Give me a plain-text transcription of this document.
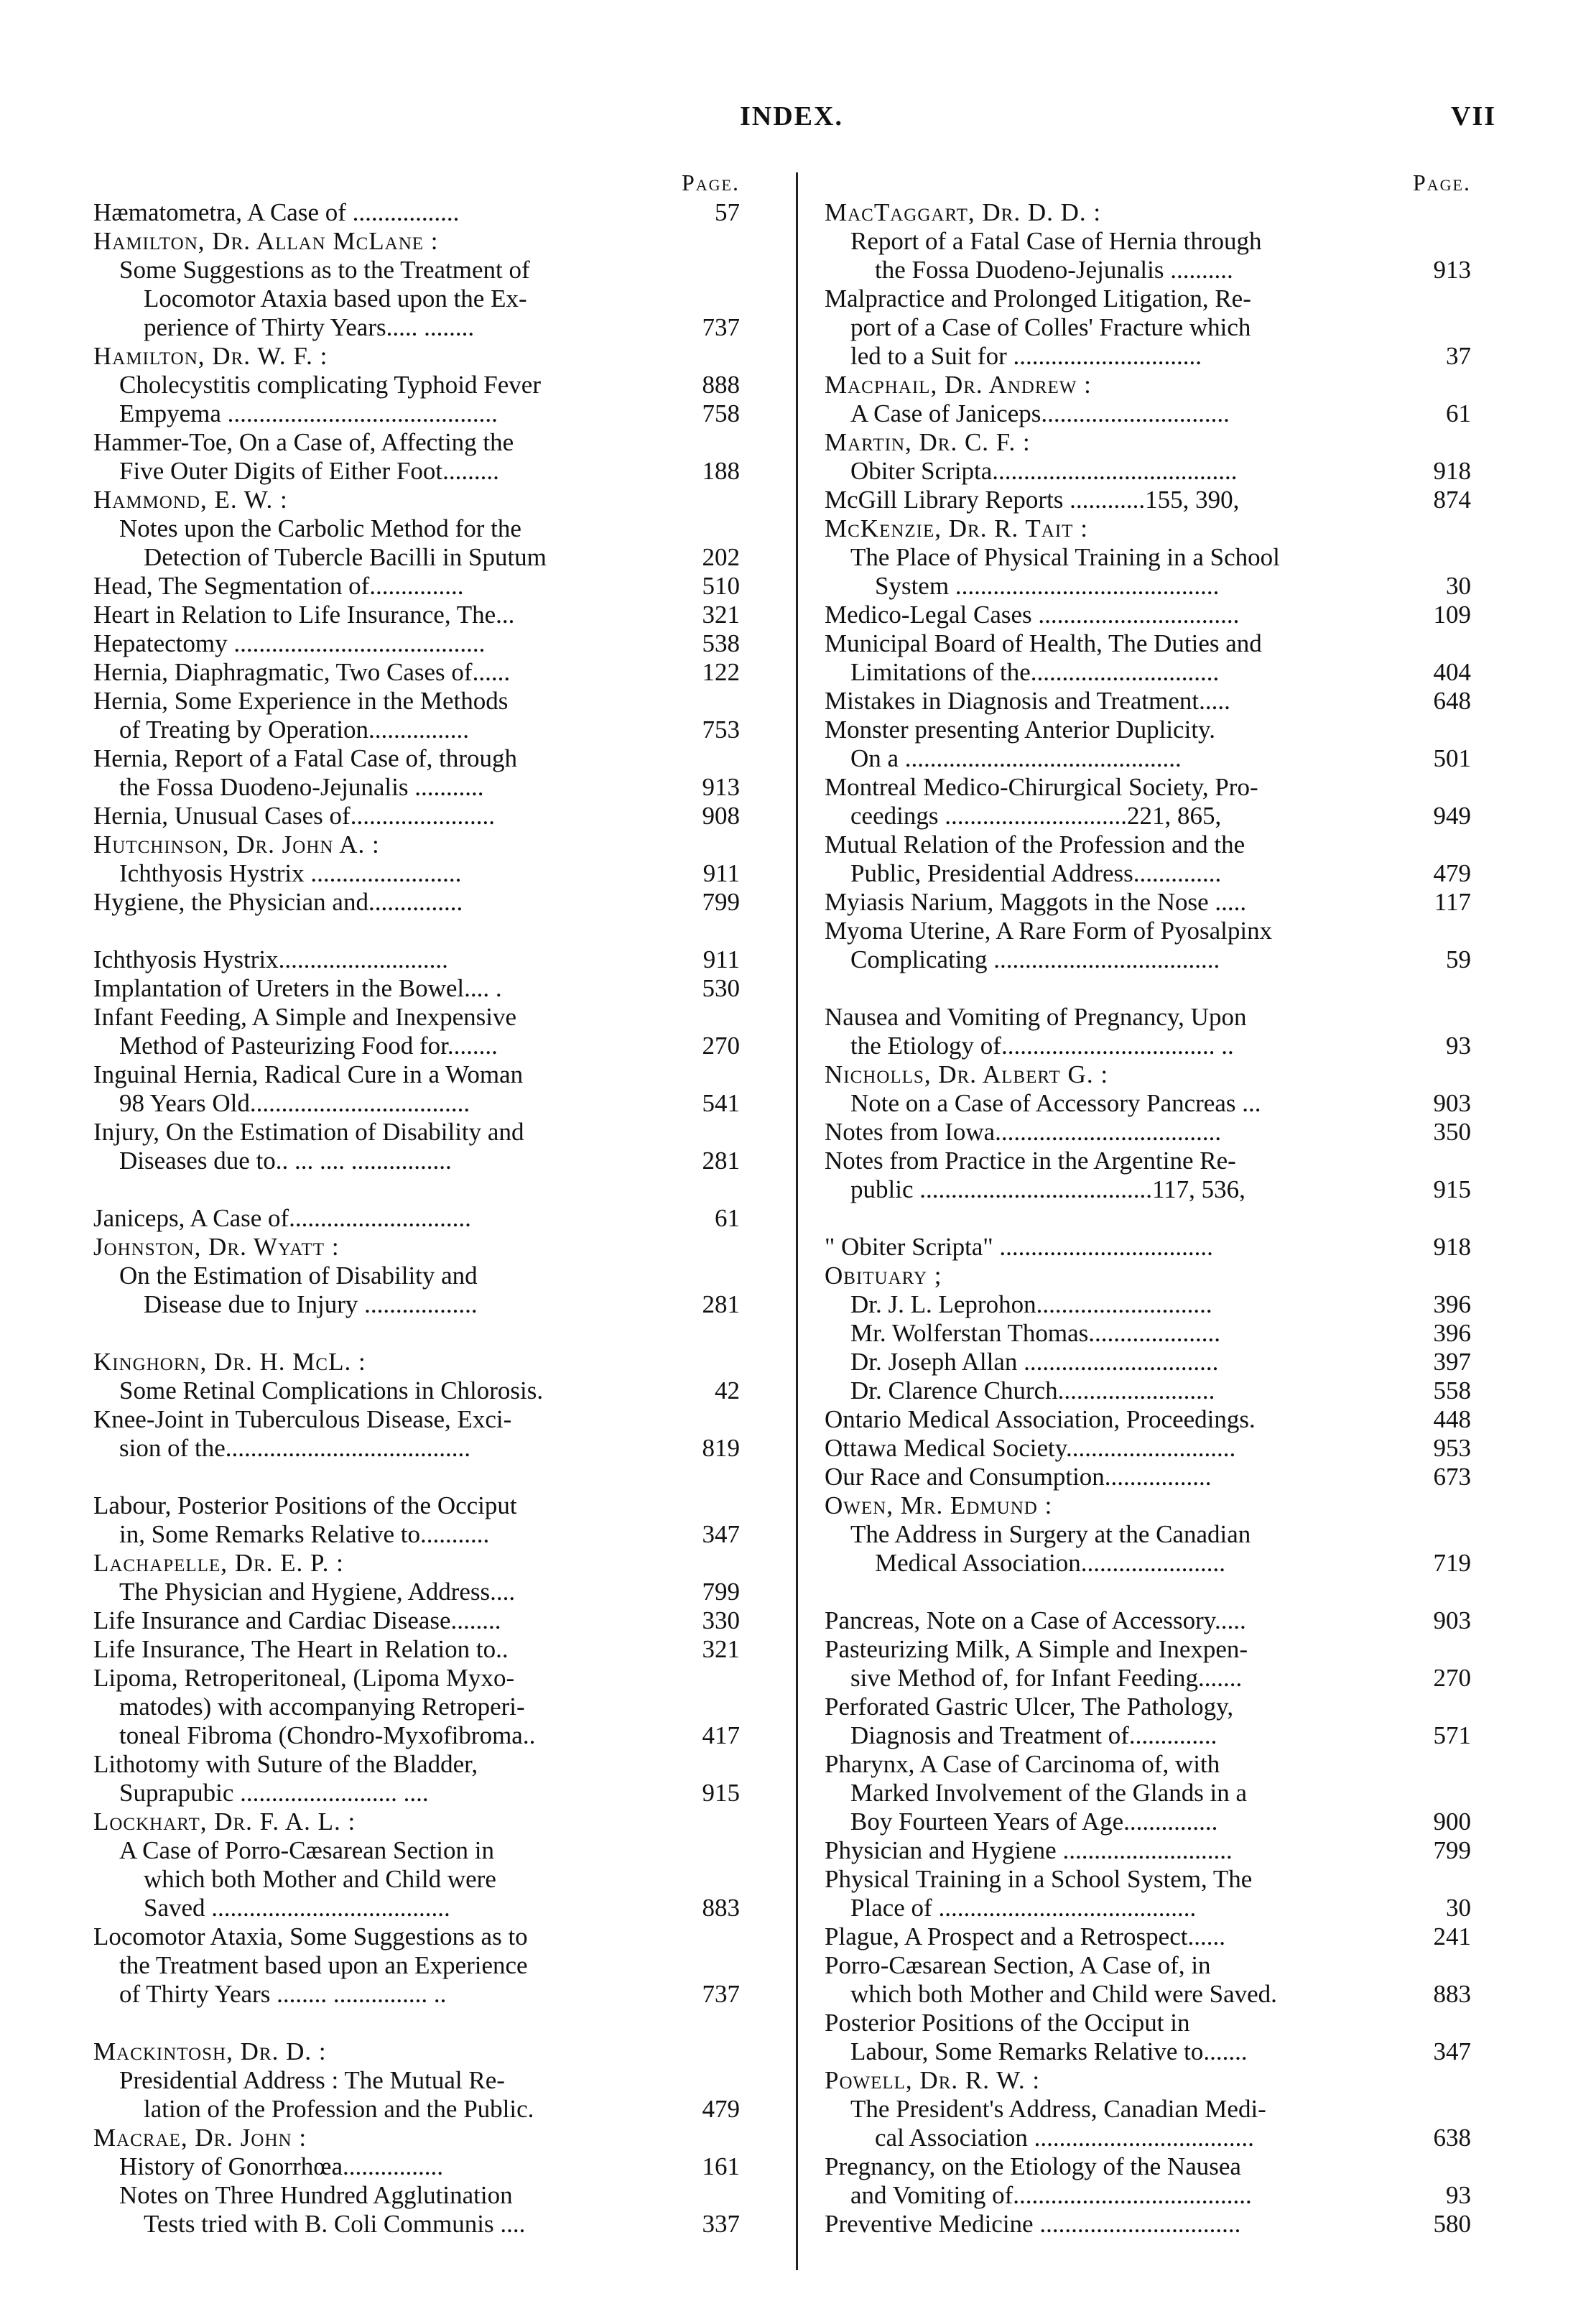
INDEX.	VII
Page.
Hæmatometra, A Case of .................	57
Hamilton, Dr. Allan McLane :
Some Suggestions as to the Treatment of
Locomotor Ataxia based upon the Ex-
perience of Thirty Years..... ........	737
Hamilton, Dr. W. F. :
Cholecystitis complicating Typhoid Fever	888
Empyema ...........................................	758
Hammer-Toe, On a Case of, Affecting the
Five Outer Digits of Either Foot.........	188
Hammond, E. W. :
Notes upon the Carbolic Method for the
Detection of Tubercle Bacilli in Sputum	202
Head, The Segmentation of...............	510
Heart in Relation to Life Insurance, The...	321
Hepatectomy ........................................	538
Hernia, Diaphragmatic, Two Cases of......	122
Hernia, Some Experience in the Methods
of Treating by Operation................	753
Hernia, Report of a Fatal Case of, through
the Fossa Duodeno-Jejunalis ...........	913
Hernia, Unusual Cases of.......................	908
Hutchinson, Dr. John A. :
Ichthyosis Hystrix ........................	911
Hygiene, the Physician and...............	799
Ichthyosis Hystrix...........................	911
Implantation of Ureters in the Bowel.... .	530
Infant Feeding, A Simple and Inexpensive
Method of Pasteurizing Food for........	270
Inguinal Hernia, Radical Cure in a Woman
98 Years Old...................................	541
Injury, On the Estimation of Disability and
Diseases due to.. ... .... ................	281
Janiceps, A Case of.............................	61
Johnston, Dr. Wyatt :
On the Estimation of Disability and
Disease due to Injury ..................	281
Kinghorn, Dr. H. McL. :
Some Retinal Complications in Chlorosis.	42
Knee-Joint in Tuberculous Disease, Exci-
sion of the.......................................	819
Labour, Posterior Positions of the Occiput
in, Some Remarks Relative to...........	347
Lachapelle, Dr. E. P. :
The Physician and Hygiene, Address....	799
Life Insurance and Cardiac Disease........	330
Life Insurance, The Heart in Relation to..	321
Lipoma, Retroperitoneal, (Lipoma Myxo-
matodes) with accompanying Retroperi-
toneal Fibroma (Chondro-Myxofibroma..	417
Lithotomy with Suture of the Bladder,
Suprapubic ......................... ....	915
Lockhart, Dr. F. A. L. :
A Case of Porro-Cæsarean Section in
which both Mother and Child were
Saved ......................................	883
Locomotor Ataxia, Some Suggestions as to
the Treatment based upon an Experience
of Thirty Years ........ ............... ..	737
Mackintosh, Dr. D. :
Presidential Address : The Mutual Re-
lation of the Profession and the Public.	479
Macrae, Dr. John :
History of Gonorrhœa................	161
Notes on Three Hundred Agglutination
Tests tried with B. Coli Communis ....	337
Page.
MacTaggart, Dr. D. D. :
Report of a Fatal Case of Hernia through
the Fossa Duodeno-Jejunalis ..........	913
Malpractice and Prolonged Litigation, Re-
port of a Case of Colles' Fracture which
led to a Suit for ..............................	37
Macphail, Dr. Andrew :
A Case of Janiceps..............................	61
Martin, Dr. C. F. :
Obiter Scripta.......................................	918
McGill Library Reports ............155, 390,	874
McKenzie, Dr. R. Tait :
The Place of Physical Training in a School
System ..........................................	30
Medico-Legal Cases ................................	109
Municipal Board of Health, The Duties and
Limitations of the..............................	404
Mistakes in Diagnosis and Treatment.....	648
Monster presenting Anterior Duplicity.
On a ............................................	501
Montreal Medico-Chirurgical Society, Pro-
ceedings .............................221, 865,	949
Mutual Relation of the Profession and the
Public, Presidential Address..............	479
Myiasis Narium, Maggots in the Nose .....	117
Myoma Uterine, A Rare Form of Pyosalpinx
Complicating ....................................	59
Nausea and Vomiting of Pregnancy, Upon
the Etiology of.................................. ..	93
Nicholls, Dr. Albert G. :
Note on a Case of Accessory Pancreas ...	903
Notes from Iowa....................................	350
Notes from Practice in the Argentine Re-
public .....................................117, 536,	915
" Obiter Scripta" ..................................	918
Obituary ;
Dr. J. L. Leprohon............................	396
Mr. Wolferstan Thomas.....................	396
Dr. Joseph Allan ...............................	397
Dr. Clarence Church.........................	558
Ontario Medical Association, Proceedings.	448
Ottawa Medical Society...........................	953
Our Race and Consumption.................	673
Owen, Mr. Edmund :
The Address in Surgery at the Canadian
Medical Association.......................	719
Pancreas, Note on a Case of Accessory.....	903
Pasteurizing Milk, A Simple and Inexpen-
sive Method of, for Infant Feeding.......	270
Perforated Gastric Ulcer, The Pathology,
Diagnosis and Treatment of..............	571
Pharynx, A Case of Carcinoma of, with
Marked Involvement of the Glands in a
Boy Fourteen Years of Age...............	900
Physician and Hygiene ...........................	799
Physical Training in a School System, The
Place of .........................................	30
Plague, A Prospect and a Retrospect......	241
Porro-Cæsarean Section, A Case of, in
which both Mother and Child were Saved.	883
Posterior Positions of the Occiput in
Labour, Some Remarks Relative to.......	347
Powell, Dr. R. W. :
The President's Address, Canadian Medi-
cal Association ...................................	638
Pregnancy, on the Etiology of the Nausea
and Vomiting of......................................	93
Preventive Medicine ................................	580
